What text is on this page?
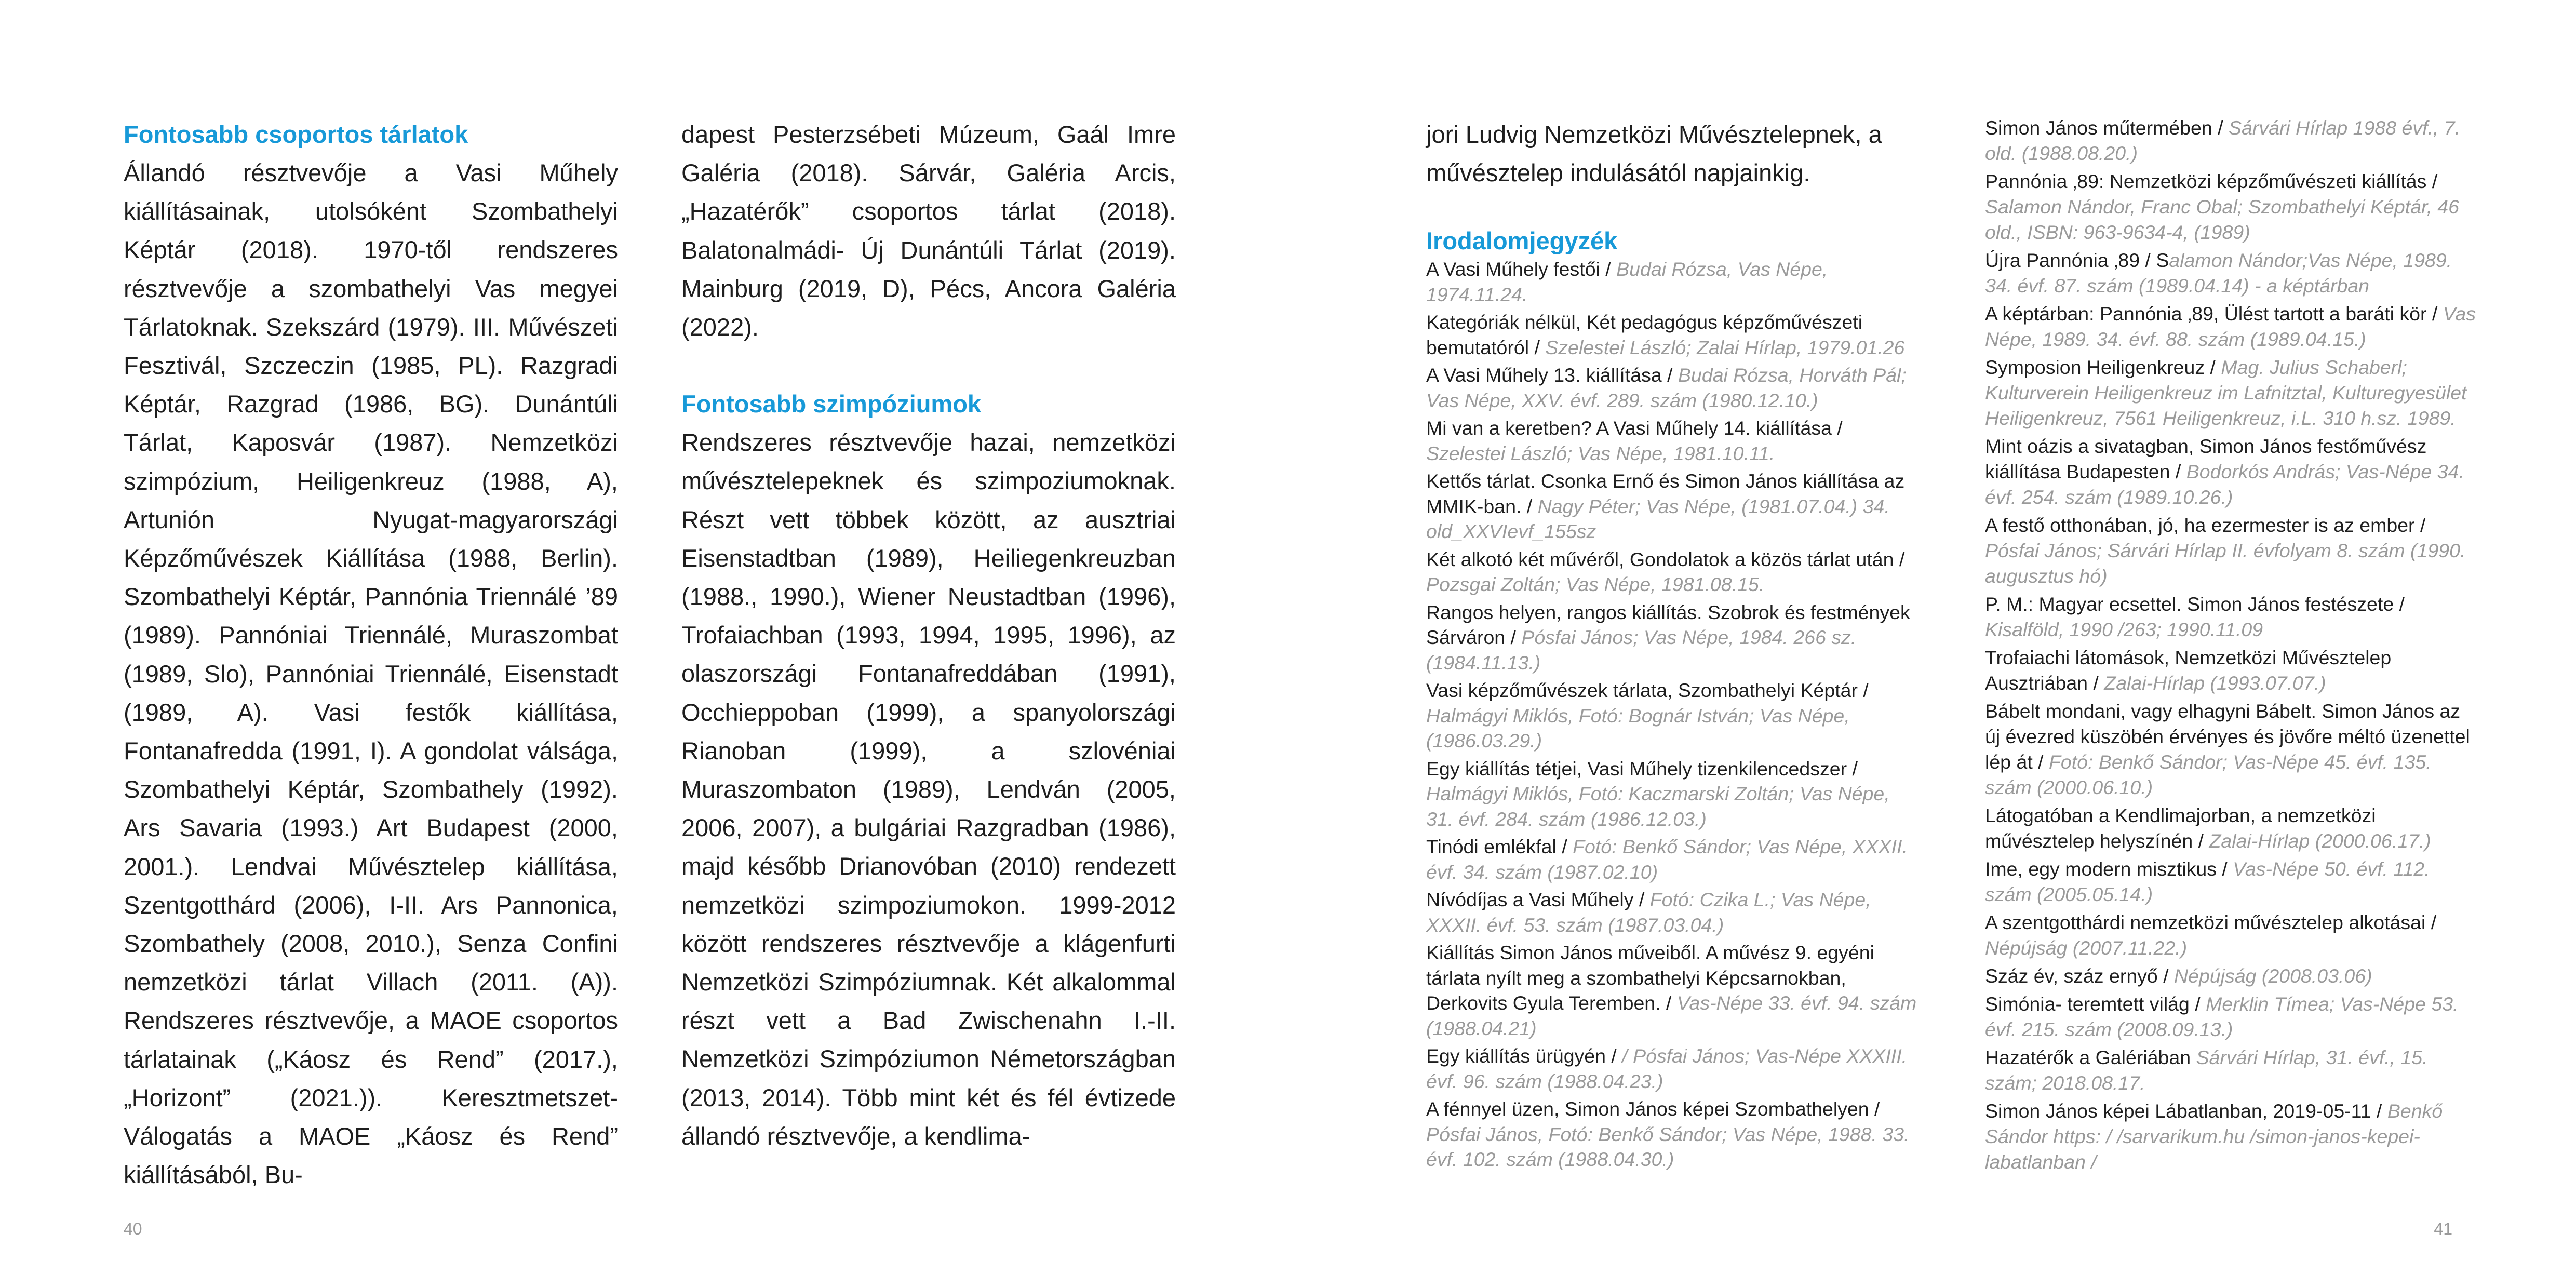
Fontosabb csoportos tárlatok

Állandó résztvevője a Vasi Műhely kiállításainak, utolsóként Szombathelyi Képtár (2018). 1970-től rendszeres résztvevője a szombathelyi Vas megyei Tárlatoknak. Szekszárd (1979). III. Művészeti Fesztivál, Szczeczin (1985, PL). Razgradi Képtár, Razgrad (1986, BG). Dunántúli Tárlat, Kaposvár (1987). Nemzetközi szimpózium, Heiligenkreuz (1988, A), Artunión Nyugat-magyarországi Képzőművészek Kiállítása (1988, Berlin). Szombathelyi Képtár, Pannónia Triennálé ’89 (1989). Pannóniai Triennálé, Muraszombat (1989, Slo), Pannóniai Triennálé, Eisenstadt (1989, A). Vasi festők kiállítása, Fontanafredda (1991, I). A gondolat válsága, Szombathelyi Képtár, Szombathely (1992). Ars Savaria (1993.) Art Budapest (2000, 2001.). Lendvai Művésztelep kiállítása, Szentgotthárd (2006), I-II. Ars Pannonica, Szombathely (2008, 2010.), Senza Confini nemzetközi tárlat Villach (2011. (A)). Rendszeres résztvevője, a MAOE csoportos tárlatainak („Káosz és Rend” (2017.), „Horizont” (2021.)). Keresztmetszet- Válogatás a MAOE „Káosz és Rend” kiállításából, Bu-

dapest Pesterzsébeti Múzeum, Gaál Imre Galéria (2018). Sárvár, Galéria Arcis, „Hazatérők” csoportos tárlat (2018). Balatonalmádi- Új Dunántúli Tárlat (2019). Mainburg (2019, D), Pécs, Ancora Galéria (2022).

Fontosabb szimpóziumok

Rendszeres résztvevője hazai, nemzetközi művésztelepeknek és szimpoziumoknak. Részt vett többek között, az ausztriai Eisenstadtban (1989), Heiliegenkreuzban (1988., 1990.), Wiener Neustadtban (1996), Trofaiachban (1993, 1994, 1995, 1996), az olaszországi Fontanafreddában (1991), Occhieppoban (1999), a spanyolországi Rianoban (1999), a szlovéniai Muraszombaton (1989), Lendván (2005, 2006, 2007), a bulgáriai Razgradban (1986), majd később Drianovóban (2010) rendezett nemzetközi szimpoziumokon. 1999-2012 között rendszeres résztvevője a klágenfurti Nemzetközi Szimpóziumnak. Két alkalommal részt vett a Bad Zwischenahn I.-II. Nemzetközi Szimpóziumon Németországban (2013, 2014). Több mint két és fél évtizede állandó résztvevője, a kendlima-

jori Ludvig Nemzetközi Művésztelepnek, a művésztelep indulásától napjainkig.

Irodalomjegyzék

A Vasi Műhely festői / Budai Rózsa, Vas Népe, 1974.11.24.

Kategóriák nélkül, Két pedagógus képzőművészeti bemutatóról / Szelestei László; Zalai Hírlap, 1979.01.26

A Vasi Műhely 13. kiállítása / Budai Rózsa, Horváth Pál; Vas Népe, XXV. évf. 289. szám (1980.12.10.)

Mi van a keretben? A Vasi Műhely 14. kiállítása / Szelestei László; Vas Népe, 1981.10.11.

Kettős tárlat. Csonka Ernő és Simon János kiállítása az MMIK-ban. / Nagy Péter; Vas Népe, (1981.07.04.) 34. old_XXVIevf_155sz

Két alkotó két művéről, Gondolatok a közös tárlat után / Pozsgai Zoltán; Vas Népe, 1981.08.15.

Rangos helyen, rangos kiállítás. Szobrok és festmények Sárváron / Pósfai János; Vas Népe, 1984. 266 sz. (1984.11.13.)

Vasi képzőművészek tárlata, Szombathelyi Képtár / Halmágyi Miklós, Fotó: Bognár István; Vas Népe, (1986.03.29.)

Egy kiállítás tétjei, Vasi Műhely tizenkilencedszer / Halmágyi Miklós, Fotó: Kaczmarski Zoltán; Vas Népe, 31. évf. 284. szám (1986.12.03.)

Tinódi emlékfal / Fotó: Benkő Sándor; Vas Népe, XXXII. évf. 34. szám (1987.02.10)

Nívódíjas a Vasi Műhely / Fotó: Czika L.; Vas Népe, XXXII. évf. 53. szám (1987.03.04.)

Kiállítás Simon János műveiből. A művész 9. egyéni tárlata nyílt meg a szombathelyi Képcsarnokban, Derkovits Gyula Teremben. / Vas-Népe 33. évf. 94. szám (1988.04.21)

Egy kiállítás ürügyén / / Pósfai János; Vas-Népe XXXIII. évf. 96. szám (1988.04.23.)

A fénnyel üzen, Simon János képei Szombathelyen / Pósfai János, Fotó: Benkő Sándor; Vas Népe, 1988. 33. évf. 102. szám (1988.04.30.)

Simon János műtermében / Sárvári Hírlap 1988 évf., 7. old. (1988.08.20.)

Pannónia ‚89: Nemzetközi képzőművészeti kiállítás / Salamon Nándor, Franc Obal; Szombathelyi Képtár, 46 old., ISBN: 963-9634-4, (1989)

Újra Pannónia ‚89 / Salamon Nándor;Vas Népe, 1989. 34. évf. 87. szám (1989.04.14) - a képtárban

A képtárban: Pannónia ‚89, Ülést tartott a baráti kör / Vas Népe, 1989. 34. évf. 88. szám (1989.04.15.)

Symposion Heiligenkreuz / Mag. Julius Schaberl; Kulturverein Heiligenkreuz im Lafnitztal, Kulturegyesület Heiligenkreuz, 7561 Heiligenkreuz, i.L. 310 h.sz. 1989.

Mint oázis a sivatagban, Simon János festőművész kiállítása Budapesten / Bodorkós András; Vas-Népe 34. évf. 254. szám (1989.10.26.)

A festő otthonában, jó, ha ezermester is az ember / Pósfai János; Sárvári Hírlap II. évfolyam 8. szám (1990. augusztus hó)

P. M.: Magyar ecsettel. Simon János festészete / Kisalföld, 1990 /263; 1990.11.09

Trofaiachi látomások, Nemzetközi Művésztelep Ausztriában / Zalai-Hírlap (1993.07.07.)

Bábelt mondani, vagy elhagyni Bábelt. Simon János az új évezred küszöbén érvényes és jövőre méltó üzenettel lép át / Fotó: Benkő Sándor; Vas-Népe 45. évf. 135. szám (2000.06.10.)

Látogatóban a Kendlimajorban, a nemzetközi művésztelep helyszínén / Zalai-Hírlap (2000.06.17.)

Ime, egy modern misztikus / Vas-Népe 50. évf. 112. szám (2005.05.14.)

A szentgotthárdi nemzetközi művésztelep alkotásai / Népújság (2007.11.22.)

Száz év, száz ernyő / Népújság (2008.03.06)

Simónia- teremtett világ / Merklin Tímea; Vas-Népe 53. évf. 215. szám (2008.09.13.)

Hazatérők a Galériában Sárvári Hírlap, 31. évf., 15. szám; 2018.08.17.

Simon János képei Lábatlanban, 2019-05-11 / Benkő Sándor https: / /sarvarikum.hu /simon-janos-kepei-labatlanban /

40	41
